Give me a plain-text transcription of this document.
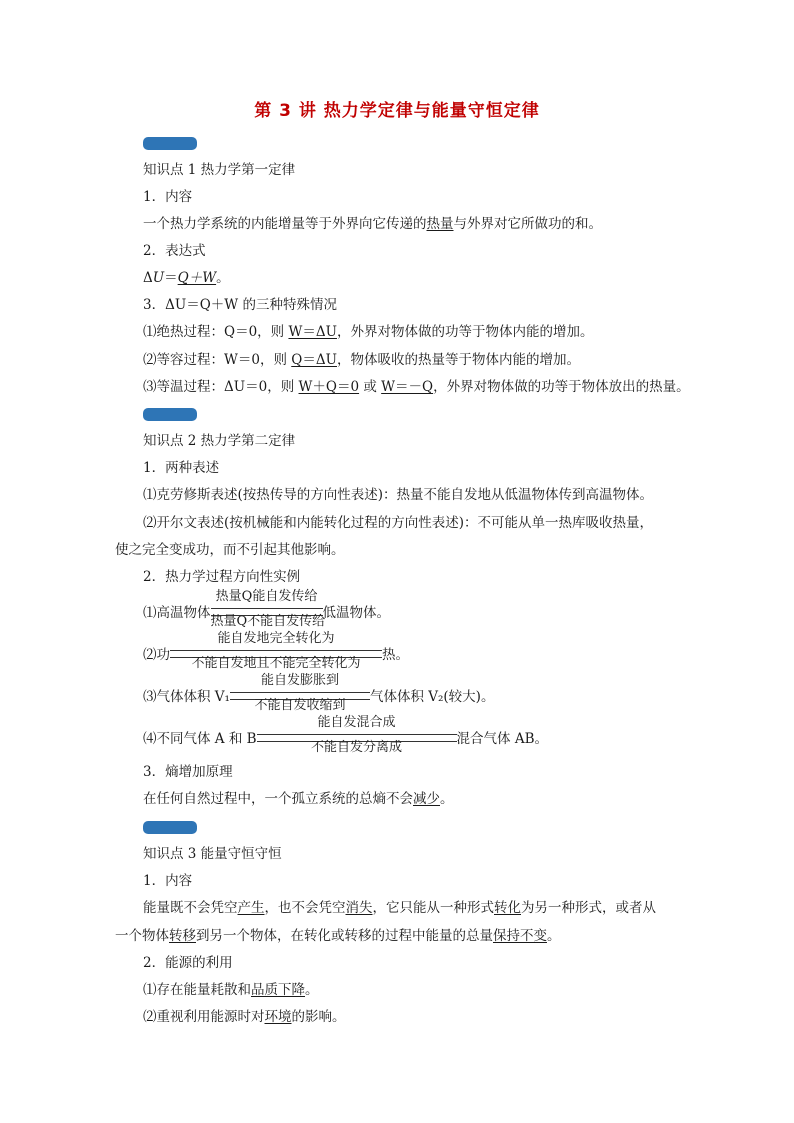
第 3 讲 热力学定律与能量守恒定律
知识点 1 热力学第一定律
1．内容
一个热力学系统的内能增量等于外界向它传递的热量与外界对它所做功的和。
2．表达式
ΔU＝Q＋W。
3．ΔU＝Q＋W 的三种特殊情况
⑴绝热过程：Q＝0，则 W＝ΔU，外界对物体做的功等于物体内能的增加。
⑵等容过程：W＝0，则 Q＝ΔU，物体吸收的热量等于物体内能的增加。
⑶等温过程：ΔU＝0，则 W＋Q＝0 或 W＝－Q，外界对物体做的功等于物体放出的热量。
知识点 2 热力学第二定律
1．两种表述
⑴克劳修斯表述(按热传导的方向性表述)：热量不能自发地从低温物体传到高温物体。
⑵开尔文表述(按机械能和内能转化过程的方向性表述)：不可能从单一热库吸收热量，
使之完全变成功，而不引起其他影响。
2．热力学过程方向性实例
⑴高温物体
热量Q能自发传给
热量Q不能自发传给
低温物体。
⑵功
能自发地完全转化为
不能自发地且不能完全转化为	热。
⑶气体体积 V₁
能自发膨胀到
不能自发收缩到	气体体积 V₂(较大)。
⑷不同气体 A 和 B
能自发混合成
不能自发分离成	混合气体 AB。
3．熵增加原理
在任何自然过程中，一个孤立系统的总熵不会减少。
知识点 3 能量守恒守恒
1．内容
能量既不会凭空产生，也不会凭空消失，它只能从一种形式转化为另一种形式，或者从
一个物体转移到另一个物体，在转化或转移的过程中能量的总量保持不变。
2．能源的利用
⑴存在能量耗散和品质下降。
⑵重视利用能源时对环境的影响。
